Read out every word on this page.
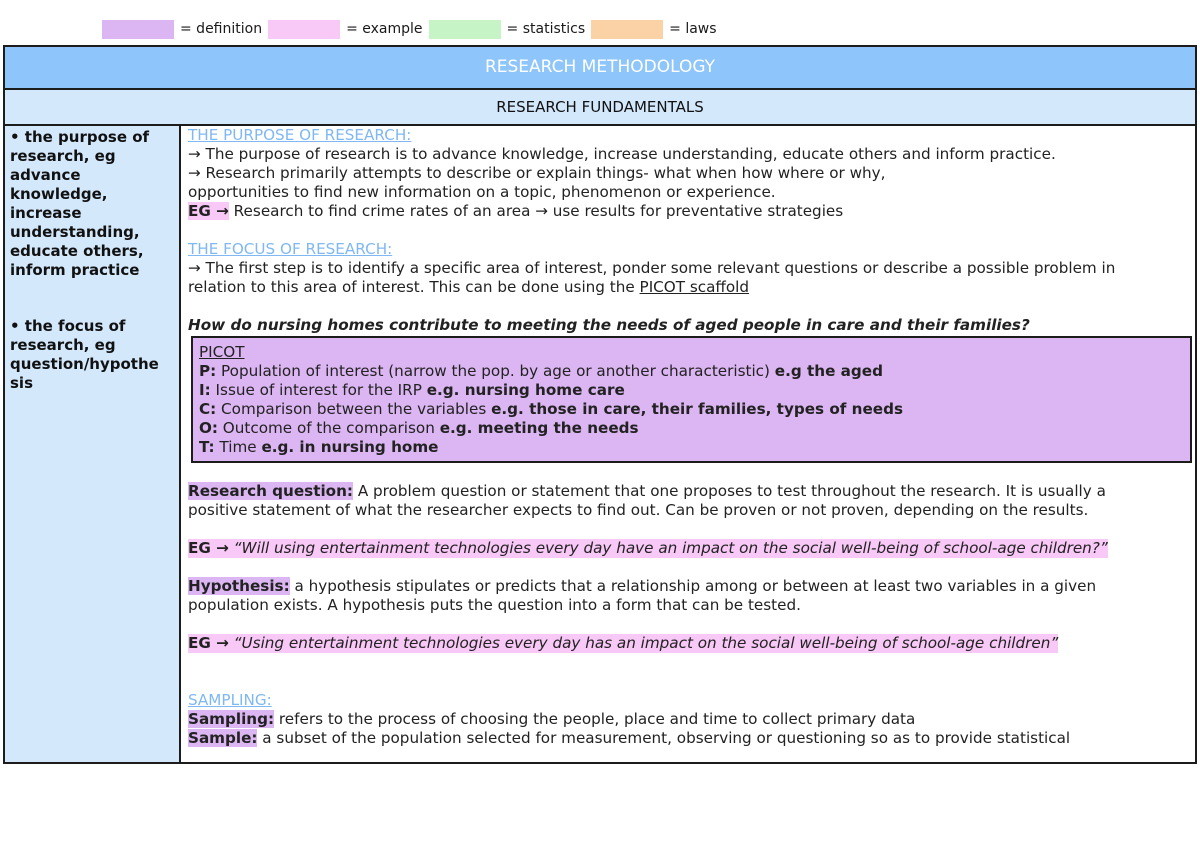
= definition	= example	= statistics	= laws
RESEARCH METHODOLOGY
RESEARCH FUNDAMENTALS
• the purpose of
research, eg
advance
knowledge,
increase
understanding,
educate others,
inform practice
• the focus of
research, eg
question/hypothe
sis
THE PURPOSE OF RESEARCH:
→ The purpose of research is to advance knowledge, increase understanding, educate others and inform practice.
→ Research primarily attempts to describe or explain things- what when how where or why,
opportunities to find new information on a topic, phenomenon or experience.
EG → Research to find crime rates of an area → use results for preventative strategies
THE FOCUS OF RESEARCH:
→ The first step is to identify a specific area of interest, ponder some relevant questions or describe a possible problem in
relation to this area of interest. This can be done using the PICOT scaffold
How do nursing homes contribute to meeting the needs of aged people in care and their families?
PICOT
P: Population of interest (narrow the pop. by age or another characteristic) e.g the aged
I: Issue of interest for the IRP e.g. nursing home care
C: Comparison between the variables e.g. those in care, their families, types of needs
O: Outcome of the comparison e.g. meeting the needs
T: Time e.g. in nursing home
Research question: A problem question or statement that one proposes to test throughout the research. It is usually a
positive statement of what the researcher expects to find out. Can be proven or not proven, depending on the results.
EG → “Will using entertainment technologies every day have an impact on the social well-being of school-age children?”
Hypothesis: a hypothesis stipulates or predicts that a relationship among or between at least two variables in a given
population exists. A hypothesis puts the question into a form that can be tested.
EG → “Using entertainment technologies every day has an impact on the social well-being of school-age children”
SAMPLING:
Sampling: refers to the process of choosing the people, place and time to collect primary data
Sample: a subset of the population selected for measurement, observing or questioning so as to provide statistical
